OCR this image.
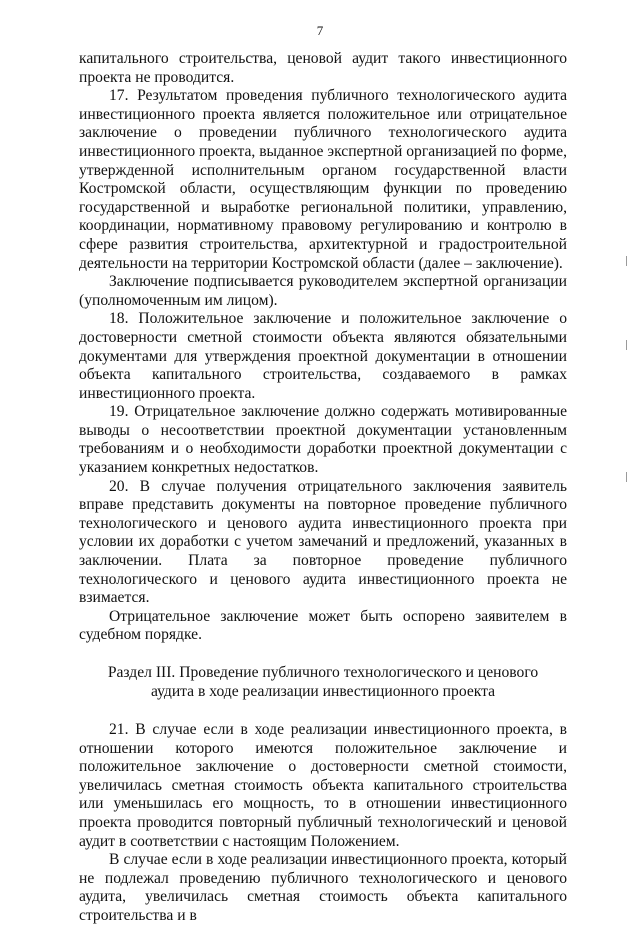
7

капитального строительства, ценовой аудит такого инвестиционного проекта не проводится.

17. Результатом проведения публичного технологического аудита инвестиционного проекта является положительное или отрицательное заключение о проведении публичного технологического аудита инвестиционного проекта, выданное экспертной организацией по форме, утвержденной исполнительным органом государственной власти Костромской области, осуществляющим функции по проведению государственной и выработке региональной политики, управлению, координации, нормативному правовому регулированию и контролю в сфере развития строительства, архитектурной и градостроительной деятельности на территории Костромской области (далее – заключение).

Заключение подписывается руководителем экспертной организации (уполномоченным им лицом).

18. Положительное заключение и положительное заключение о достоверности сметной стоимости объекта являются обязательными документами для утверждения проектной документации в отношении объекта капитального строительства, создаваемого в рамках инвестиционного проекта.

19. Отрицательное заключение должно содержать мотивированные выводы о несоответствии проектной документации установленным требованиям и о необходимости доработки проектной документации с указанием конкретных недостатков.

20. В случае получения отрицательного заключения заявитель вправе представить документы на повторное проведение публичного технологического и ценового аудита инвестиционного проекта при условии их доработки с учетом замечаний и предложений, указанных в заключении. Плата за повторное проведение публичного технологического и ценового аудита инвестиционного проекта не взимается.

Отрицательное заключение может быть оспорено заявителем в судебном порядке.

Раздел III. Проведение публичного технологического и ценового
аудита в ходе реализации инвестиционного проекта

21. В случае если в ходе реализации инвестиционного проекта, в отношении которого имеются положительное заключение и положительное заключение о достоверности сметной стоимости, увеличилась сметная стоимость объекта капитального строительства или уменьшилась его мощность, то в отношении инвестиционного проекта проводится повторный публичный технологический и ценовой аудит в соответствии с настоящим Положением.

В случае если в ходе реализации инвестиционного проекта, который не подлежал проведению публичного технологического и ценового аудита, увеличилась сметная стоимость объекта капитального строительства и в
